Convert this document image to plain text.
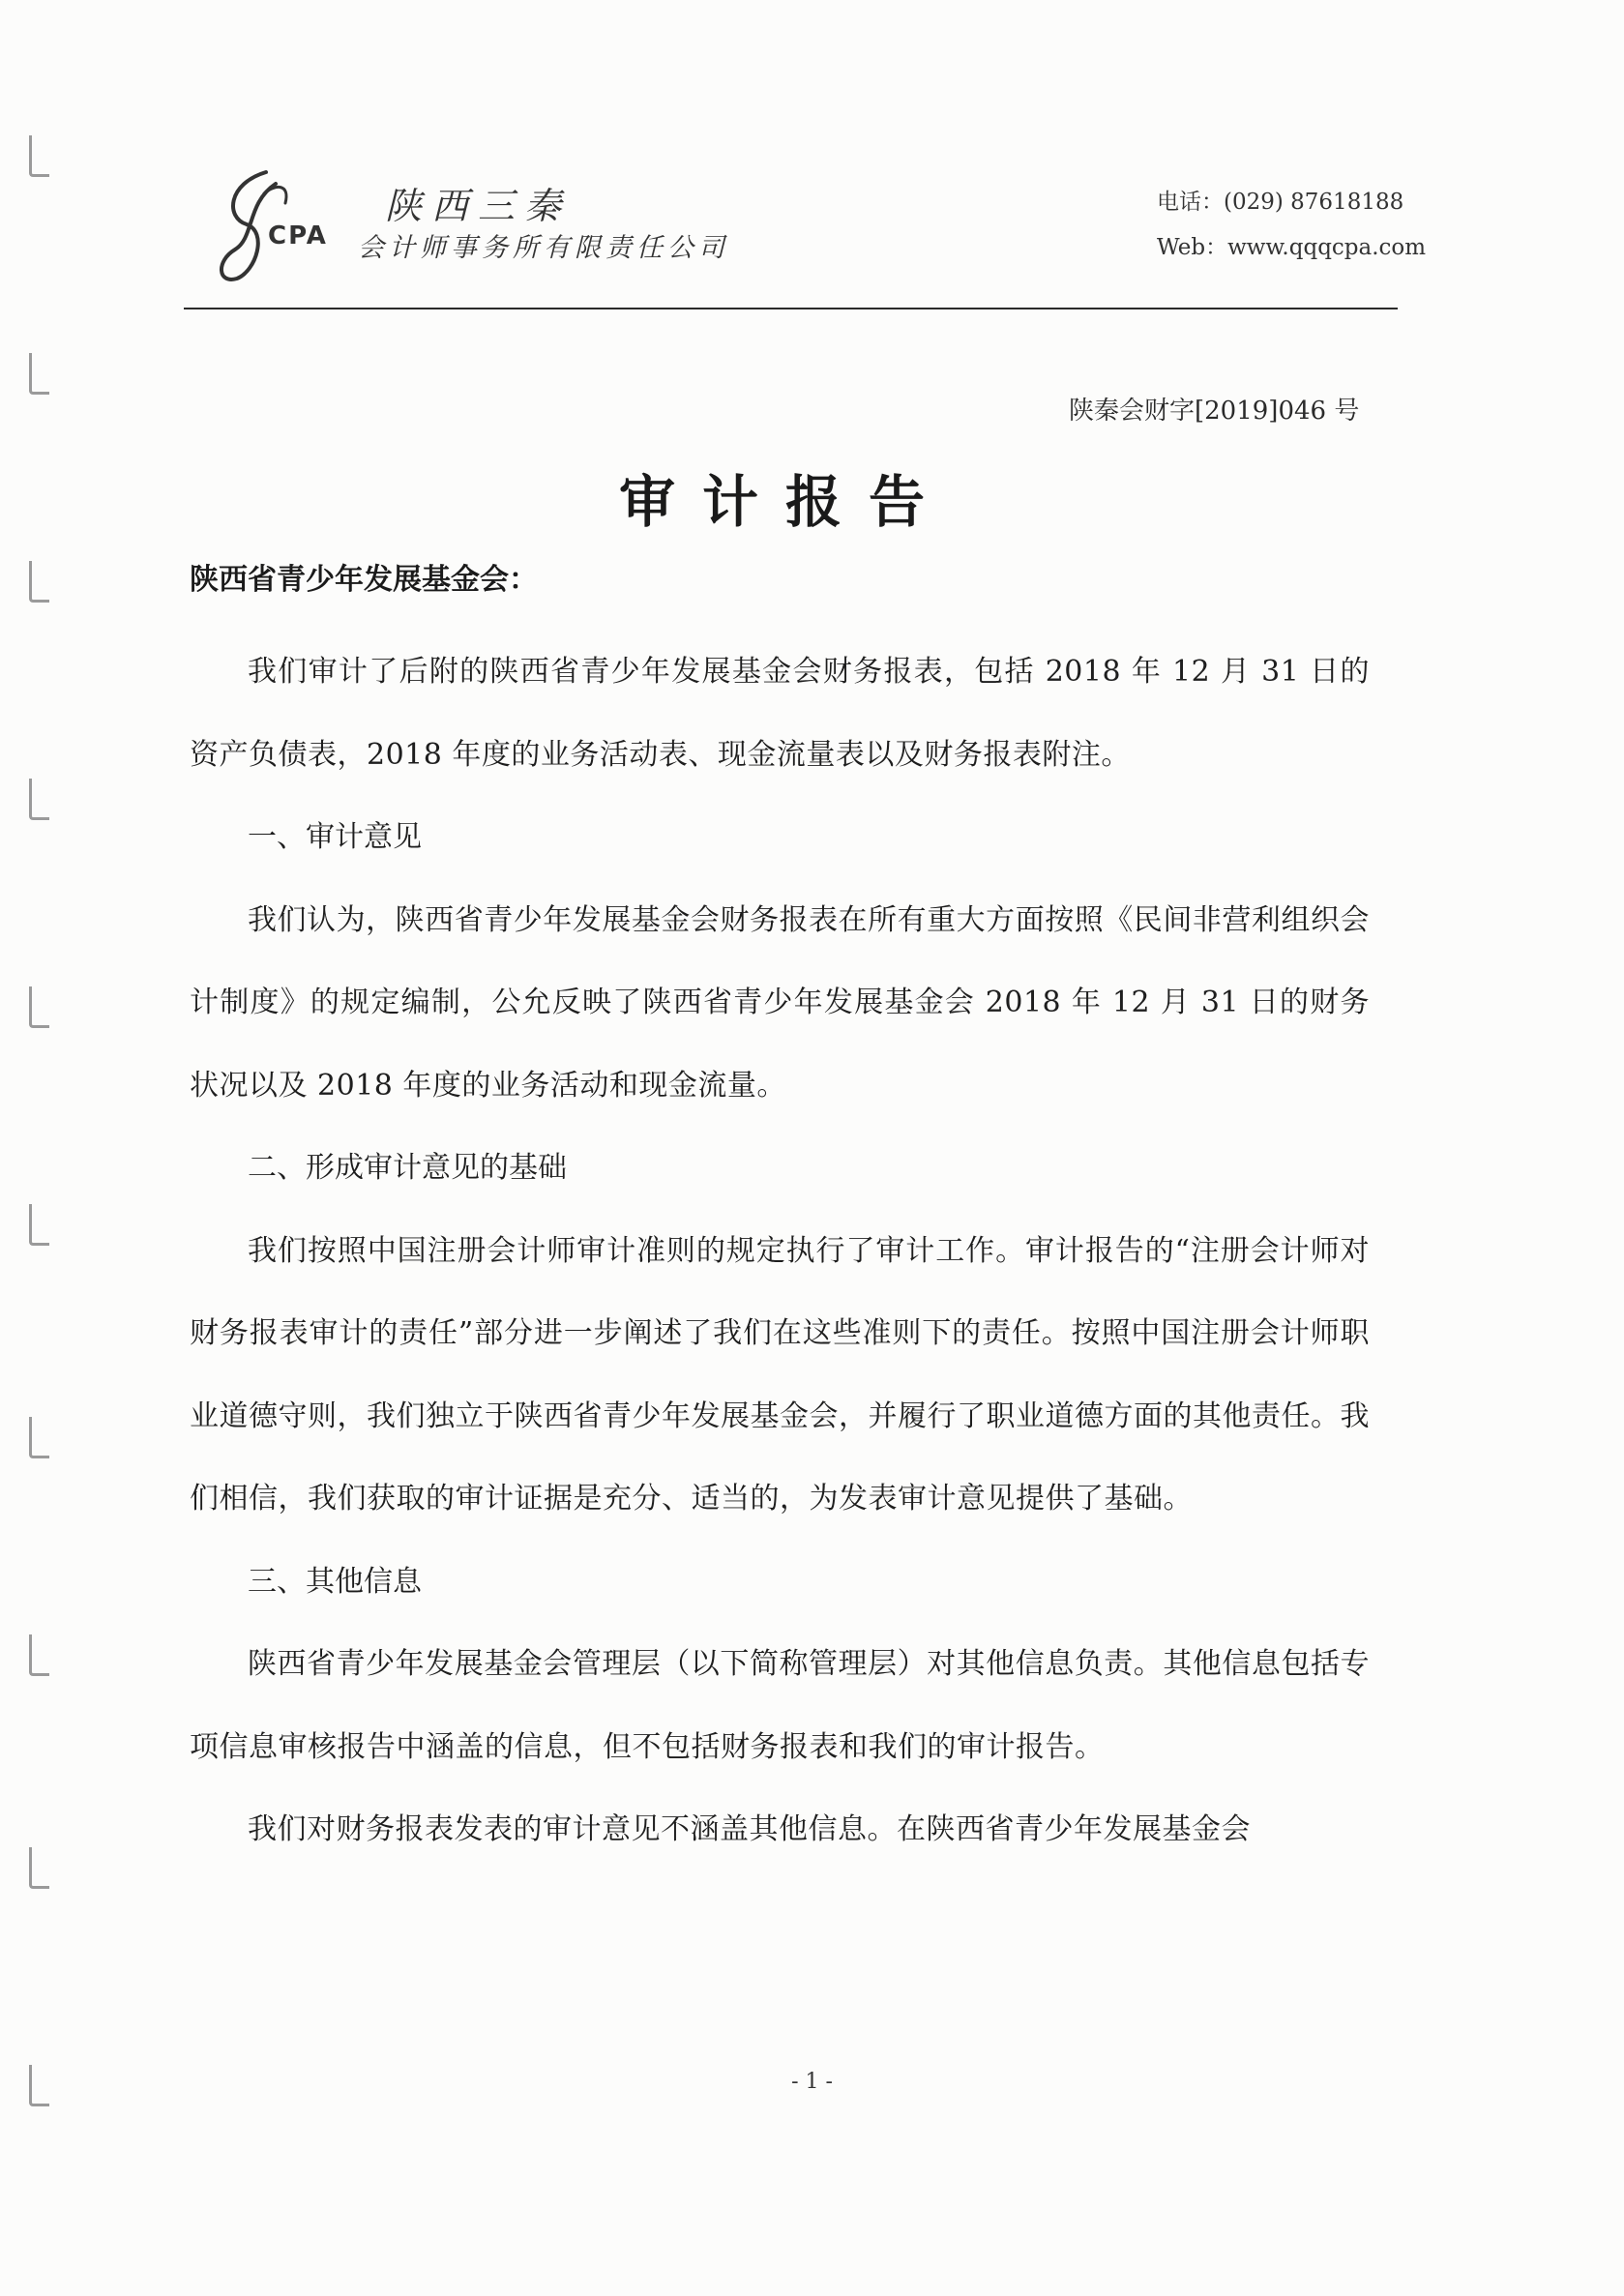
CPA
陕西三秦
会计师事务所有限责任公司
电话：(029) 87618188
Web：www.qqqcpa.com
陕秦会财字[2019]046 号
审计报告
陕西省青少年发展基金会：

我们审计了后附的陕西省青少年发展基金会财务报表，包括 2018 年 12 月 31 日的资产负债表，2018 年度的业务活动表、现金流量表以及财务报表附注。

一、审计意见

我们认为，陕西省青少年发展基金会财务报表在所有重大方面按照《民间非营利组织会计制度》的规定编制，公允反映了陕西省青少年发展基金会 2018 年 12 月 31 日的财务状况以及 2018 年度的业务活动和现金流量。

二、形成审计意见的基础

我们按照中国注册会计师审计准则的规定执行了审计工作。审计报告的“注册会计师对财务报表审计的责任”部分进一步阐述了我们在这些准则下的责任。按照中国注册会计师职业道德守则，我们独立于陕西省青少年发展基金会，并履行了职业道德方面的其他责任。我们相信，我们获取的审计证据是充分、适当的，为发表审计意见提供了基础。

三、其他信息

陕西省青少年发展基金会管理层（以下简称管理层）对其他信息负责。其他信息包括专项信息审核报告中涵盖的信息，但不包括财务报表和我们的审计报告。

我们对财务报表发表的审计意见不涵盖其他信息。在陕西省青少年发展基金会

- 1 -
